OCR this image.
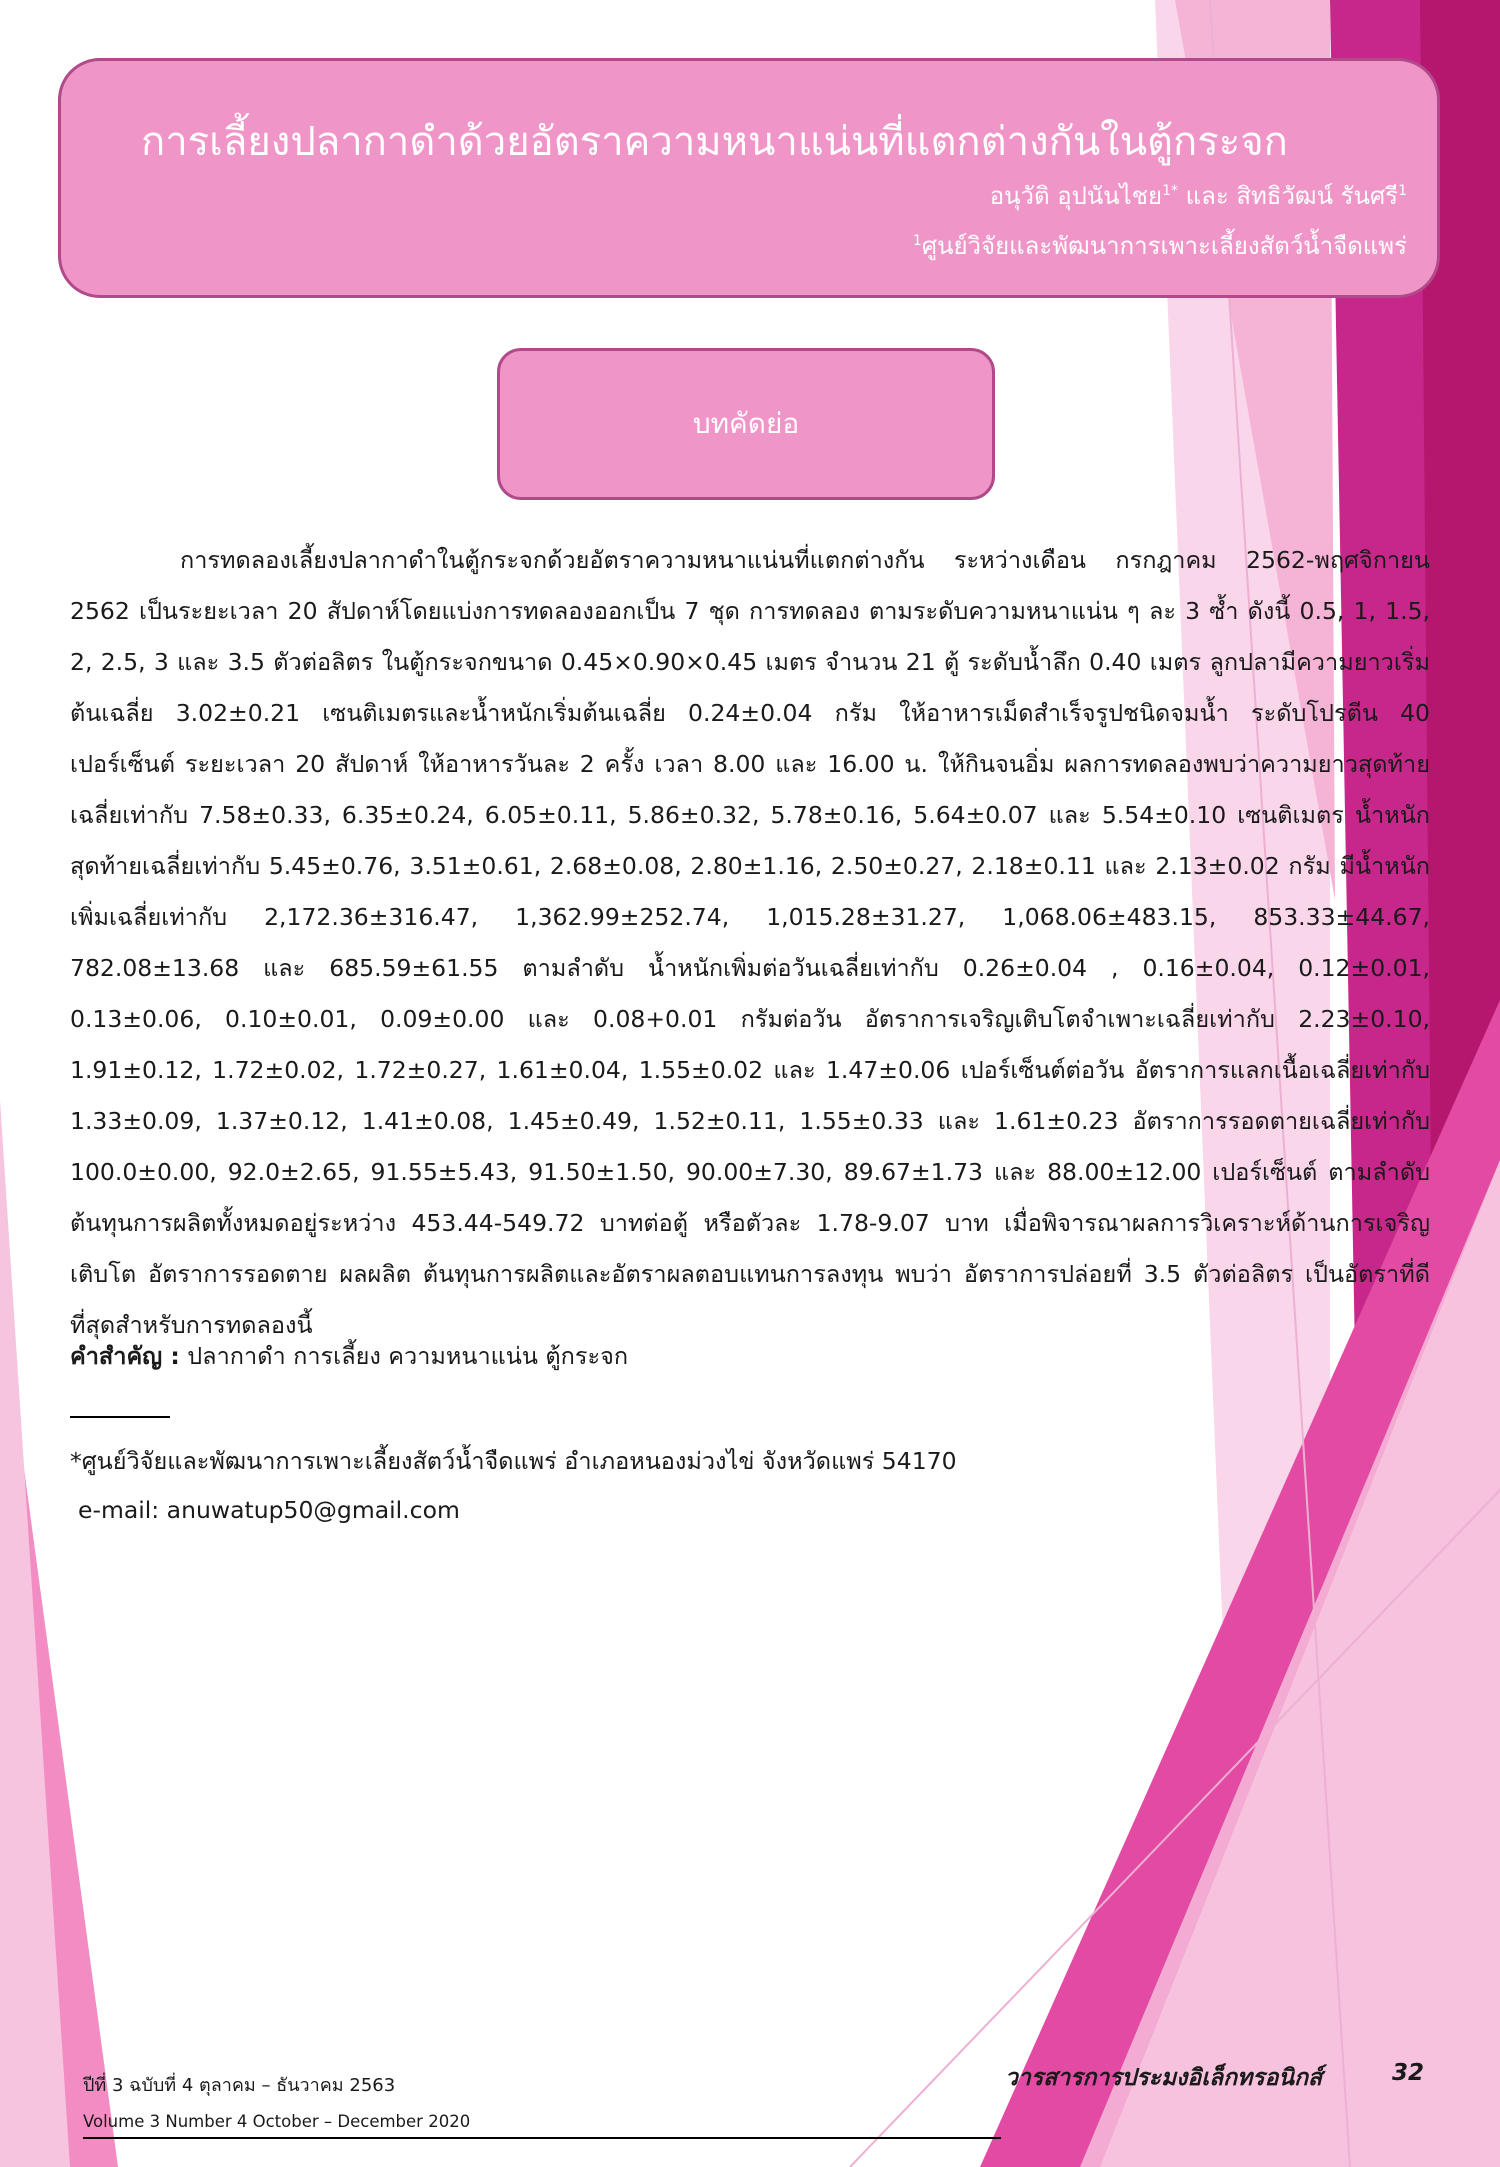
การเลี้ยงปลากาดำด้วยอัตราความหนาแน่นที่แตกต่างกันในตู้กระจก

อนุวัติ อุปนันไชย$^{1*}$ และ สิทธิวัฒน์ รันศรี$^1$

$^1$ศูนย์วิจัยและพัฒนาการเพาะเลี้ยงสัตว์น้ำจืดแพร่

บทคัดย่อ

การทดลองเลี้ยงปลากาดำในตู้กระจกด้วยอัตราความหนาแน่นที่แตกต่างกัน ระหว่างเดือน กรกฎาคม 2562-พฤศจิกายน 2562 เป็นระยะเวลา 20 สัปดาห์โดยแบ่งการทดลองออกเป็น 7 ชุด การทดลอง ตามระดับความหนาแน่น ๆ ละ 3 ซ้ำ ดังนี้ 0.5, 1, 1.5, 2, 2.5, 3 และ 3.5 ตัวต่อลิตร ในตู้กระจกขนาด 0.45×0.90×0.45 เมตร จำนวน 21 ตู้ ระดับน้ำลึก 0.40 เมตร ลูกปลามีความยาวเริ่มต้นเฉลี่ย 3.02±0.21 เซนติเมตรและน้ำหนักเริ่มต้นเฉลี่ย 0.24±0.04 กรัม ให้อาหารเม็ดสำเร็จรูปชนิดจมน้ำ ระดับโปรตีน 40 เปอร์เซ็นต์ ระยะเวลา 20 สัปดาห์ ให้อาหารวันละ 2 ครั้ง เวลา 8.00 และ 16.00 น. ให้กินจนอิ่ม ผลการทดลองพบว่าความยาวสุดท้ายเฉลี่ยเท่ากับ 7.58±0.33, 6.35±0.24, 6.05±0.11, 5.86±0.32, 5.78±0.16, 5.64±0.07 และ 5.54±0.10 เซนติเมตร น้ำหนักสุดท้ายเฉลี่ยเท่ากับ 5.45±0.76, 3.51±0.61, 2.68±0.08, 2.80±1.16, 2.50±0.27, 2.18±0.11 และ 2.13±0.02 กรัม มีน้ำหนักเพิ่มเฉลี่ยเท่ากับ 2,172.36±316.47, 1,362.99±252.74, 1,015.28±31.27, 1,068.06±483.15, 853.33±44.67, 782.08±13.68 และ 685.59±61.55 ตามลำดับ น้ำหนักเพิ่มต่อวันเฉลี่ยเท่ากับ 0.26±0.04 , 0.16±0.04, 0.12±0.01, 0.13±0.06, 0.10±0.01, 0.09±0.00 และ 0.08+0.01 กรัมต่อวัน อัตราการเจริญเติบโตจำเพาะเฉลี่ยเท่ากับ 2.23±0.10, 1.91±0.12, 1.72±0.02, 1.72±0.27, 1.61±0.04, 1.55±0.02 และ 1.47±0.06 เปอร์เซ็นต์ต่อวัน อัตราการแลกเนื้อเฉลี่ยเท่ากับ 1.33±0.09, 1.37±0.12, 1.41±0.08, 1.45±0.49, 1.52±0.11, 1.55±0.33 และ 1.61±0.23 อัตราการรอดตายเฉลี่ยเท่ากับ 100.0±0.00, 92.0±2.65, 91.55±5.43, 91.50±1.50, 90.00±7.30, 89.67±1.73 และ 88.00±12.00 เปอร์เซ็นต์ ตามลำดับ ต้นทุนการผลิตทั้งหมดอยู่ระหว่าง 453.44-549.72 บาทต่อตู้ หรือตัวละ 1.78-9.07 บาท เมื่อพิจารณาผลการวิเคราะห์ด้านการเจริญเติบโต อัตราการรอดตาย ผลผลิต ต้นทุนการผลิตและอัตราผลตอบแทนการลงทุน พบว่า อัตราการปล่อยที่ 3.5 ตัวต่อลิตร เป็นอัตราที่ดีที่สุดสำหรับการทดลองนี้

คำสำคัญ : ปลากาดำ การเลี้ยง ความหนาแน่น ตู้กระจก

*ศูนย์วิจัยและพัฒนาการเพาะเลี้ยงสัตว์น้ำจืดแพร่ อำเภอหนองม่วงไข่ จังหวัดแพร่ 54170

e-mail: anuwatup50@gmail.com

ปีที่ 3 ฉบับที่ 4 ตุลาคม – ธันวาคม 2563	วารสารการประมงอิเล็กทรอนิกส์	32

Volume 3 Number 4 October – December 2020
